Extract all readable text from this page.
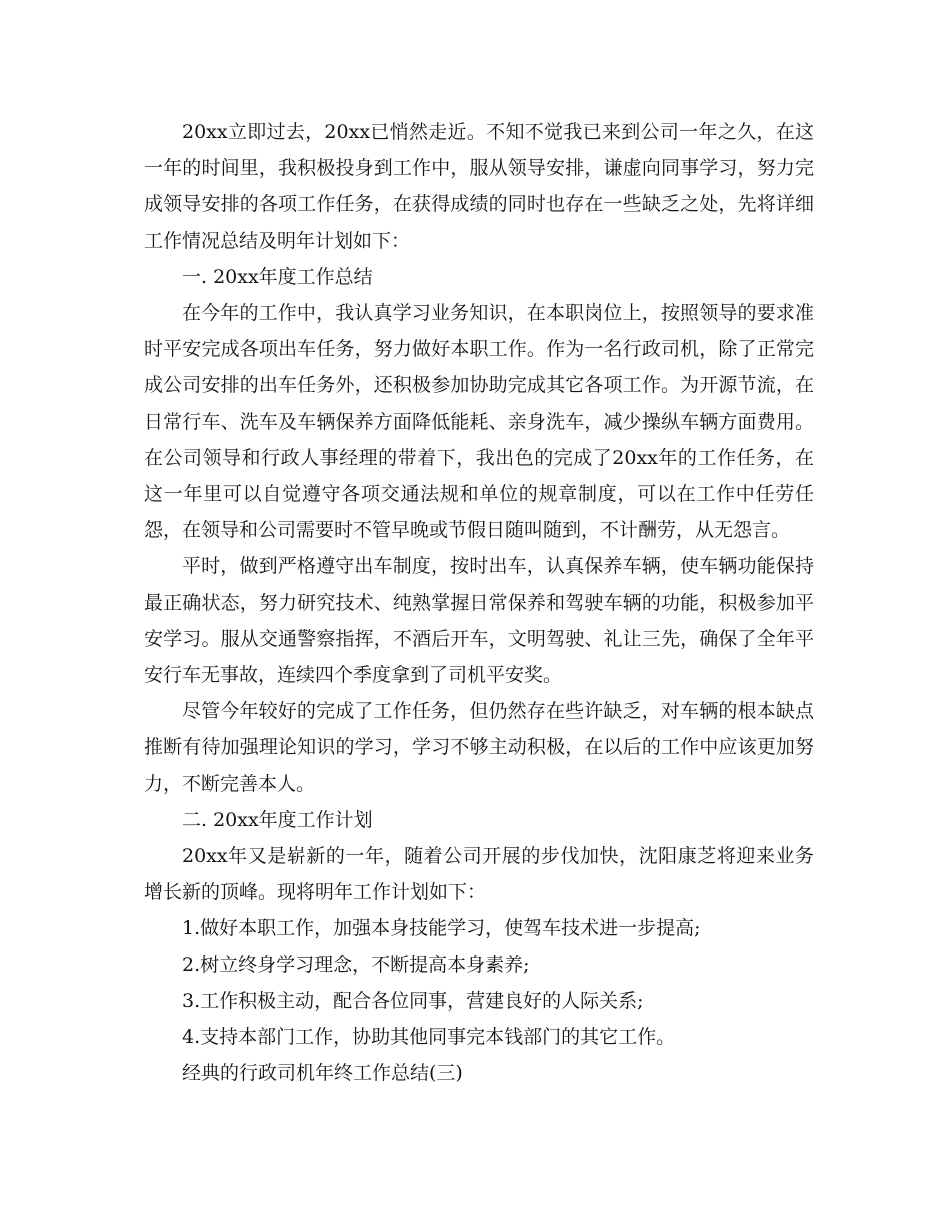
20xx立即过去，20xx已悄然走近。不知不觉我已来到公司一年之久，在这一年的时间里，我积极投身到工作中，服从领导安排，谦虚向同事学习，努力完成领导安排的各项工作任务，在获得成绩的同时也存在一些缺乏之处，先将详细工作情况总结及明年计划如下：

一. 20xx年度工作总结

在今年的工作中，我认真学习业务知识，在本职岗位上，按照领导的要求准时平安完成各项出车任务，努力做好本职工作。作为一名行政司机，除了正常完成公司安排的出车任务外，还积极参加协助完成其它各项工作。为开源节流，在日常行车、洗车及车辆保养方面降低能耗、亲身洗车，减少操纵车辆方面费用。在公司领导和行政人事经理的带着下，我出色的完成了20xx年的工作任务，在这一年里可以自觉遵守各项交通法规和单位的规章制度，可以在工作中任劳任怨，在领导和公司需要时不管早晚或节假日随叫随到，不计酬劳，从无怨言。

平时，做到严格遵守出车制度，按时出车，认真保养车辆，使车辆功能保持最正确状态，努力研究技术、纯熟掌握日常保养和驾驶车辆的功能，积极参加平安学习。服从交通警察指挥，不酒后开车，文明驾驶、礼让三先，确保了全年平安行车无事故，连续四个季度拿到了司机平安奖。

尽管今年较好的完成了工作任务，但仍然存在些许缺乏，对车辆的根本缺点推断有待加强理论知识的学习，学习不够主动积极，在以后的工作中应该更加努力，不断完善本人。

二. 20xx年度工作计划

20xx年又是崭新的一年，随着公司开展的步伐加快，沈阳康芝将迎来业务增长新的顶峰。现将明年工作计划如下：

1.做好本职工作，加强本身技能学习，使驾车技术进一步提高;

2.树立终身学习理念，不断提高本身素养;

3.工作积极主动，配合各位同事，营建良好的人际关系;

4.支持本部门工作，协助其他同事完本钱部门的其它工作。

经典的行政司机年终工作总结(三)
